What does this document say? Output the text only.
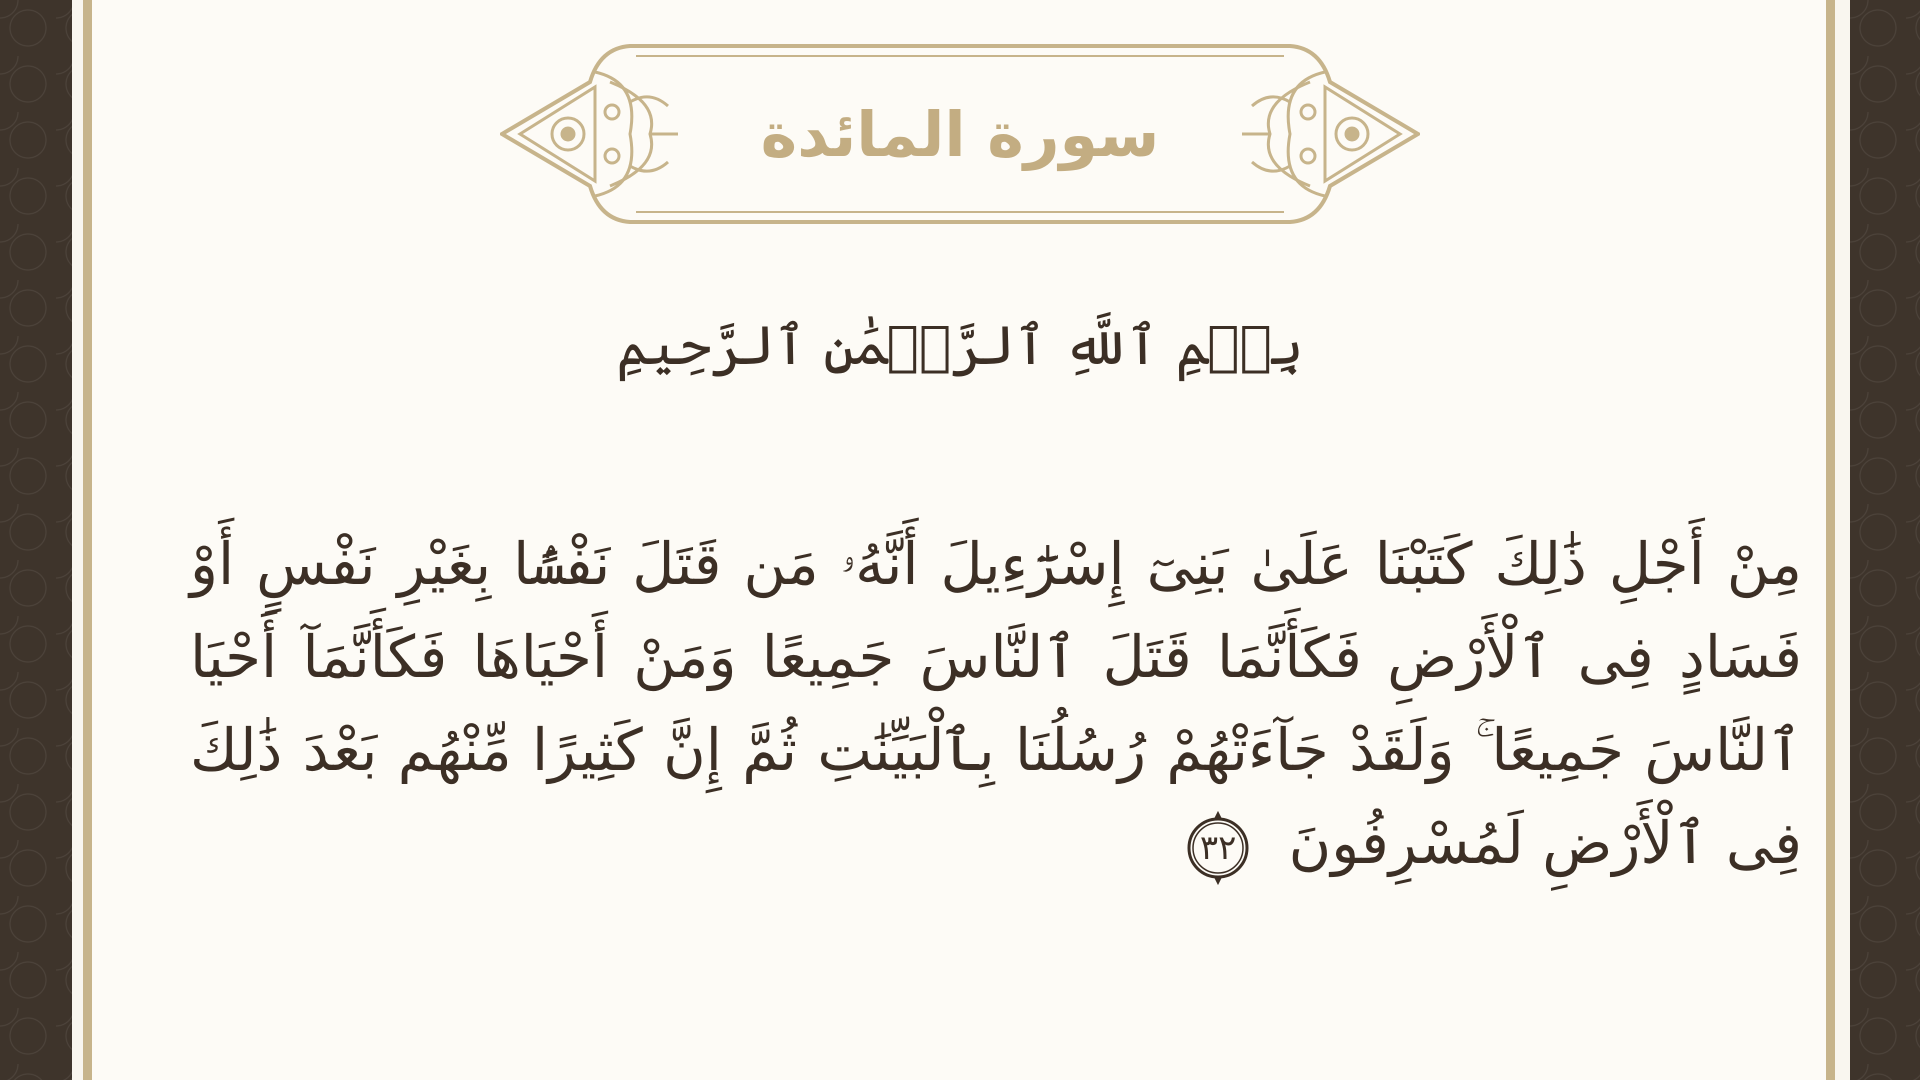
سورة المائدة
بِسۡمِ ٱللَّهِ ٱلرَّحۡمَٰنِ ٱلرَّحِيمِ
مِنْ أَجْلِ ذَٰلِكَ كَتَبْنَا عَلَىٰ بَنِىٓ إِسْرَٰٓءِيلَ أَنَّهُۥ مَن قَتَلَ نَفْسًۢا بِغَيْرِ نَفْسٍ أَوْ فَسَادٍ فِى ٱلْأَرْضِ فَكَأَنَّمَا قَتَلَ ٱلنَّاسَ جَمِيعًا وَمَنْ أَحْيَاهَا فَكَأَنَّمَآ أَحْيَا ٱلنَّاسَ جَمِيعًا ۚ وَلَقَدْ جَآءَتْهُمْ رُسُلُنَا بِٱلْبَيِّنَٰتِ ثُمَّ إِنَّ كَثِيرًا مِّنْهُم بَعْدَ ذَٰلِكَ فِى ٱلْأَرْضِ لَمُسْرِفُونَ
٣٢
